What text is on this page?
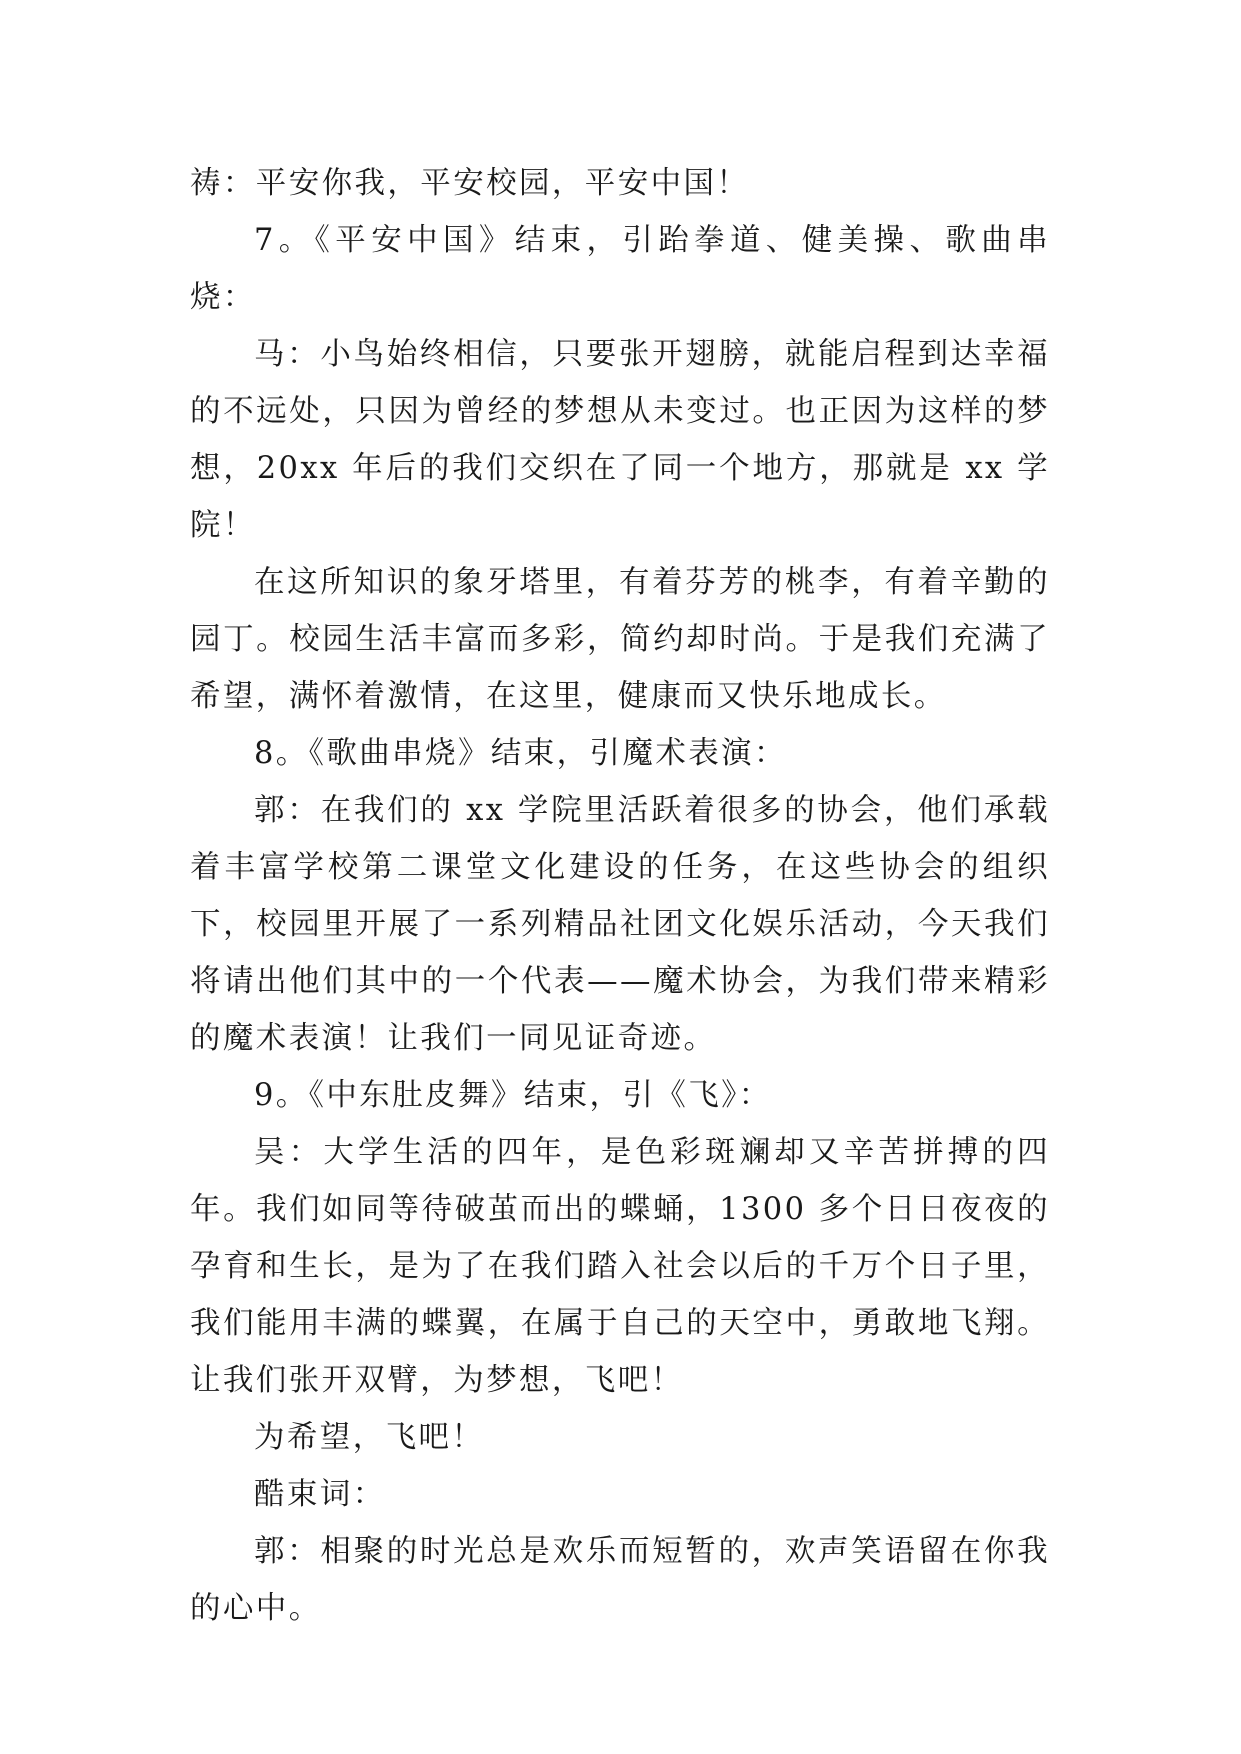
祷：平安你我，平安校园，平安中国！

7。《平安中国》结束，引跆拳道、健美操、歌曲串烧：

马：小鸟始终相信，只要张开翅膀，就能启程到达幸福的不远处，只因为曾经的梦想从未变过。也正因为这样的梦想，20xx 年后的我们交织在了同一个地方，那就是 xx 学院！

在这所知识的象牙塔里，有着芬芳的桃李，有着辛勤的园丁。校园生活丰富而多彩，简约却时尚。于是我们充满了希望，满怀着激情，在这里，健康而又快乐地成长。

8。《歌曲串烧》结束，引魔术表演：

郭：在我们的 xx 学院里活跃着很多的协会，他们承载着丰富学校第二课堂文化建设的任务，在这些协会的组织下，校园里开展了一系列精品社团文化娱乐活动，今天我们将请出他们其中的一个代表——魔术协会，为我们带来精彩的魔术表演！让我们一同见证奇迹。

9。《中东肚皮舞》结束，引《飞》：

吴：大学生活的四年，是色彩斑斓却又辛苦拼搏的四年。我们如同等待破茧而出的蝶蛹，1300 多个日日夜夜的孕育和生长，是为了在我们踏入社会以后的千万个日子里，我们能用丰满的蝶翼，在属于自己的天空中，勇敢地飞翔。让我们张开双臂，为梦想，飞吧！

为希望，飞吧！

酷束词：

郭：相聚的时光总是欢乐而短暂的，欢声笑语留在你我的心中。
